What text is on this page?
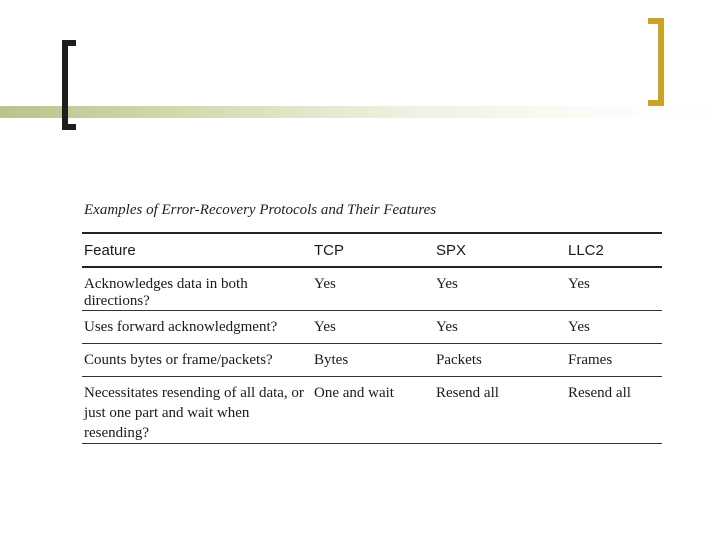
Examples of Error-Recovery Protocols and Their Features
Feature	TCP	SPX	LLC2
Acknowledges data in both directions?	Yes	Yes	Yes
Uses forward acknowledgment?	Yes	Yes	Yes
Counts bytes or frame/packets?	Bytes	Packets	Frames
Necessitates resending of all data, or just one part and wait when resending?	One and wait	Resend all	Resend all
